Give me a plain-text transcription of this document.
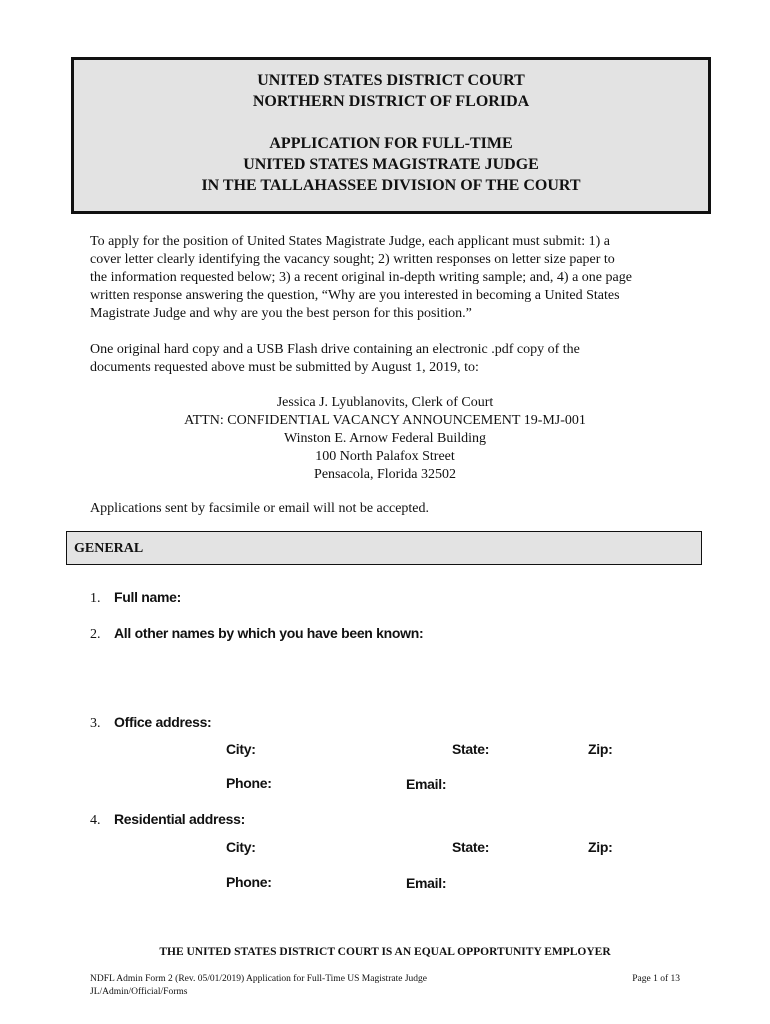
UNITED STATES DISTRICT COURT
NORTHERN DISTRICT OF FLORIDA
APPLICATION FOR FULL-TIME
UNITED STATES MAGISTRATE JUDGE
IN THE TALLAHASSEE DIVISION OF THE COURT
To apply for the position of United States Magistrate Judge, each applicant must submit: 1) a
cover letter clearly identifying the vacancy sought; 2) written responses on letter size paper to
the information requested below; 3) a recent original in-depth writing sample; and, 4) a one page
written response answering the question, “Why are you interested in becoming a United States
Magistrate Judge and why are you the best person for this position.”
One original hard copy and a USB Flash drive containing an electronic .pdf copy of the
documents requested above must be submitted by August 1, 2019, to:
Jessica J. Lyublanovits, Clerk of Court
ATTN: CONFIDENTIAL VACANCY ANNOUNCEMENT 19-MJ-001
Winston E. Arnow Federal Building
100 North Palafox Street
Pensacola, Florida 32502
Applications sent by facsimile or email will not be accepted.
GENERAL
1. Full name:
2. All other names by which you have been known:
3. Office address:
City:	State:	Zip:
Phone:	Email:
4. Residential address:
City:	State:	Zip:
Phone:	Email:
THE UNITED STATES DISTRICT COURT IS AN EQUAL OPPORTUNITY EMPLOYER
NDFL Admin Form 2 (Rev. 05/01/2019) Application for Full-Time US Magistrate Judge
JL/Admin/Official/Forms
Page 1 of 13
